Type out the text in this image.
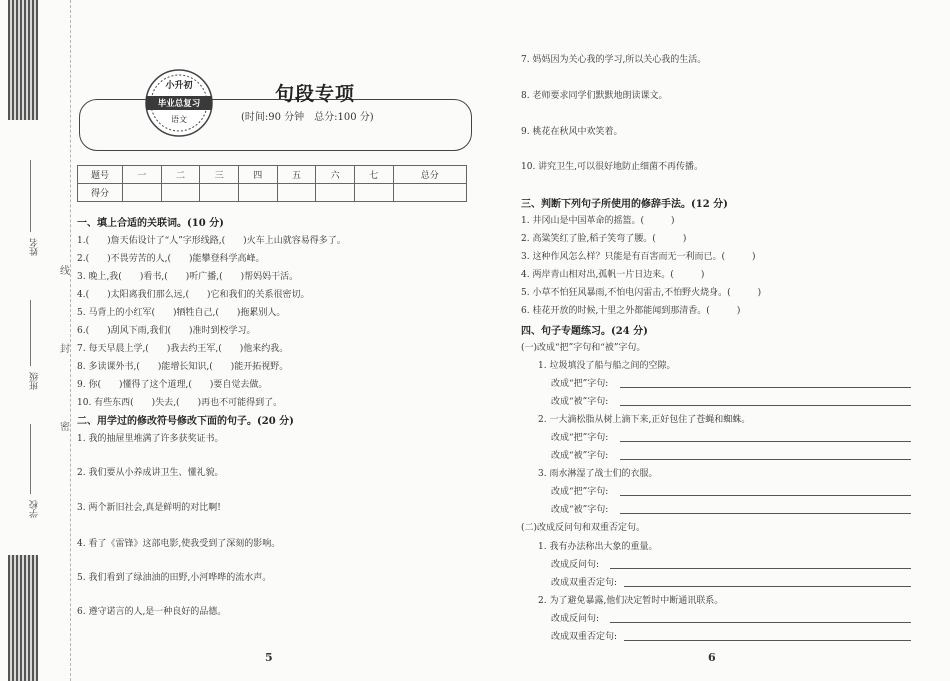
姓名
班级
学校
线
封
密
小升初
毕业总复习
语文
句段专项
(时间:90 分钟　总分:100 分)
题号	一	二	三	四	五	六	七	总分
得分								
一、填上合适的关联词。(10 分)
1.(　　)詹天佑设计了“人”字形线路,(　　)火车上山就容易得多了。
2.(　　)不畏劳苦的人,(　　)能攀登科学高峰。
3. 晚上,我(　　)看书,(　　)听广播,(　　)帮妈妈干活。
4.(　　)太阳离我们那么远,(　　)它和我们的关系很密切。
5. 马背上的小红军(　　)牺牲自己,(　　)拖累别人。
6.(　　)刮风下雨,我们(　　)准时到校学习。
7. 每天早晨上学,(　　)我去约王军,(　　)他来约我。
8. 多读课外书,(　　)能增长知识,(　　)能开拓视野。
9. 你(　　)懂得了这个道理,(　　)要自觉去做。
10. 有些东西(　　)失去,(　　)再也不可能得到了。
二、用学过的修改符号修改下面的句子。(20 分)
1. 我的抽屉里堆满了许多获奖证书。
2. 我们要从小养成讲卫生、懂礼貌。
3. 两个新旧社会,真是鲜明的对比啊!
4. 看了《雷锋》这部电影,使我受到了深刻的影响。
5. 我们看到了绿油油的田野,小河哗哗的流水声。
6. 遵守诺言的人,是一种良好的品德。
5
7. 妈妈因为关心我的学习,所以关心我的生活。
8. 老师要求同学们默默地朗读课文。
9. 桃花在秋风中欢笑着。
10. 讲究卫生,可以很好地防止细菌不再传播。
三、判断下列句子所使用的修辞手法。(12 分)
1. 井冈山是中国革命的摇篮。(　　　)
2. 高粱笑红了脸,稻子笑弯了腰。(　　　)
3. 这种作风怎么样？只能是有百害而无一利而已。(　　　)
4. 两岸青山相对出,孤帆一片日边来。(　　　)
5. 小草不怕狂风暴雨,不怕电闪雷击,不怕野火烧身。(　　　)
6. 桂花开放的时候,十里之外都能闻到那清香。(　　　)
四、句子专题练习。(24 分)
(一)改成“把”字句和“被”字句。
1. 垃圾填没了船与船之间的空隙。
改成“把”字句:
改成“被”字句:
2. 一大滴松脂从树上滴下来,正好包住了苍蝇和蜘蛛。
改成“把”字句:
改成“被”字句:
3. 雨水淋湿了战士们的衣服。
改成“把”字句:
改成“被”字句:
(二)改成反问句和双重否定句。
1. 我有办法称出大象的重量。
改成反问句:
改成双重否定句:
2. 为了避免暴露,他们决定暂时中断通讯联系。
改成反问句:
改成双重否定句:
6
